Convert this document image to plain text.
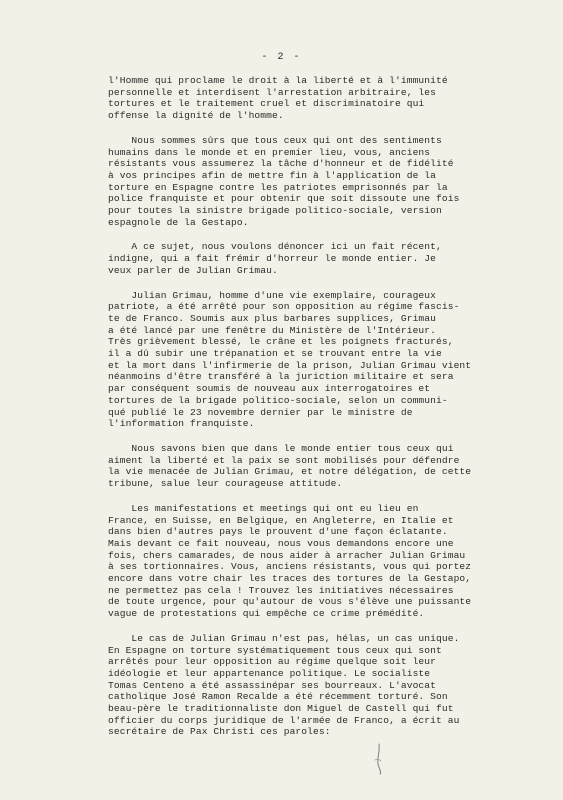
- 2 -
l'Homme qui proclame le droit à la liberté et à l'immunité
personnelle et interdisent l'arrestation arbitraire, les
tortures et le traitement cruel et discriminatoire qui
offense la dignité de l'homme.
Nous sommes sûrs que tous ceux qui ont des sentiments
humains dans le monde et en premier lieu, vous, anciens
résistants vous assumerez la tâche d'honneur et de fidélité
à vos principes afin de mettre fin à l'application de la
torture en Espagne contre les patriotes emprisonnés par la
police franquiste et pour obtenir que soit dissoute une fois
pour toutes la sinistre brigade politico-sociale, version
espagnole de la Gestapo.
A ce sujet, nous voulons dénoncer ici un fait récent,
indigne, qui a fait frémir d'horreur le monde entier. Je
veux parler de Julian Grimau.
Julian Grimau, homme d'une vie exemplaire, courageux
patriote, a été arrêté pour son opposition au régime fascis-
te de Franco. Soumis aux plus barbares supplices, Grimau
a été lancé par une fenêtre du Ministère de l'Intérieur.
Très grièvement blessé, le crâne et les poignets fracturés,
il a dû subir une trépanation et se trouvant entre la vie
et la mort dans l'infirmerie de la prison, Julian Grimau vient
néanmoins d'être transféré à la juriction militaire et sera
par conséquent soumis de nouveau aux interrogatoires et
tortures de la brigade politico-sociale, selon un communi-
qué publié le 23 novembre dernier par le ministre de
l'information franquiste.
Nous savons bien que dans le monde entier tous ceux qui
aiment la liberté et la paix se sont mobilisés pour défendre
la vie menacée de Julian Grimau, et notre délégation, de cette
tribune, salue leur courageuse attitude.
Les manifestations et meetings qui ont eu lieu en
France, en Suisse, en Belgique, en Angleterre, en Italie et
dans bien d'autres pays le prouvent d'une façon éclatante.
Mais devant ce fait nouveau, nous vous demandons encore une
fois, chers camarades, de nous aider à arracher Julian Grimau
à ses tortionnaires. Vous, anciens résistants, vous qui portez
encore dans votre chair les traces des tortures de la Gestapo,
ne permettez pas cela ! Trouvez les initiatives nécessaires
de toute urgence, pour qu'autour de vous s'élève une puissante
vague de protestations qui empêche ce crime prémédité.
Le cas de Julian Grimau n'est pas, hélas, un cas unique.
En Espagne on torture systématiquement tous ceux qui sont
arrêtés pour leur opposition au régime quelque soit leur
idéologie et leur appartenance politique. Le socialiste
Tomas Centeno a été assassinépar ses bourreaux. L'avocat
catholique José Ramon Recalde a été récemment torturé. Son
beau-père le traditionnaliste don Miguel de Castell qui fut
officier du corps juridique de l'armée de Franco, a écrit au
secrétaire de Pax Christi ces paroles:
